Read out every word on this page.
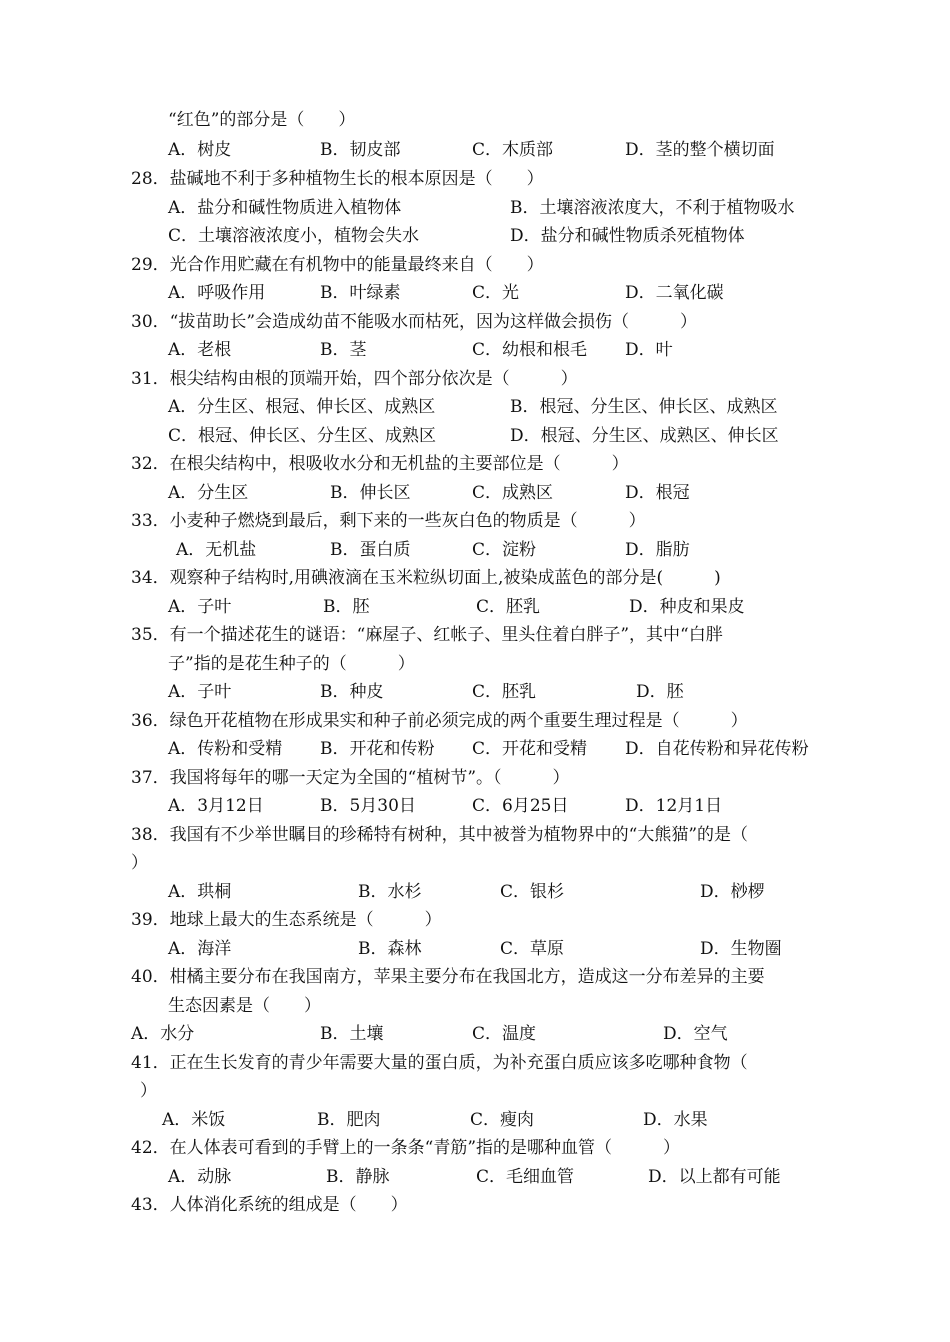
“红色”的部分是（　　）
A．树皮	B．韧皮部	C．木质部	D．茎的整个横切面
28．盐碱地不利于多种植物生长的根本原因是（　　）
A．盐分和碱性物质进入植物体	B．土壤溶液浓度大，不利于植物吸水
C．土壤溶液浓度小，植物会失水	D．盐分和碱性物质杀死植物体
29．光合作用贮藏在有机物中的能量最终来自（　　）
A．呼吸作用	B．叶绿素	C．光	D．二氧化碳
30．“拔苗助长”会造成幼苗不能吸水而枯死，因为这样做会损伤（　　　）
A．老根	B．茎	C．幼根和根毛 D．叶
31．根尖结构由根的顶端开始，四个部分依次是（　　　）
A．分生区、根冠、伸长区、成熟区	B．根冠、分生区、伸长区、成熟区
C．根冠、伸长区、分生区、成熟区	D．根冠、分生区、成熟区、伸长区
32．在根尖结构中，根吸收水分和无机盐的主要部位是（　　　）
A．分生区	B．伸长区	C．成熟区	D．根冠
33．小麦种子燃烧到最后，剩下来的一些灰白色的物质是（　　　）
A．无机盐	B．蛋白质	C．淀粉	D．脂肪
34．观察种子结构时,用碘液滴在玉米粒纵切面上,被染成蓝色的部分是(　　　)
A．子叶	B．胚	C．胚乳	D．种皮和果皮
35．有一个描述花生的谜语：“麻屋子、红帐子、里头住着白胖子”，其中“白胖
子”指的是花生种子的（　　　）
A．子叶	B．种皮	C．胚乳	D．胚
36．绿色开花植物在形成果实和种子前必须完成的两个重要生理过程是（　　　）
A．传粉和受精 B．开花和传粉 C．开花和受精 D．自花传粉和异花传粉
37．我国将每年的哪一天定为全国的“植树节”。（　　　）
A．3月12日	B．5月30日	C．6月25日	D．12月1日
38．我国有不少举世瞩目的珍稀特有树种，其中被誉为植物界中的“大熊猫”的是（
）
A．珙桐	B．水杉	C．银杉	D．桫椤
39．地球上最大的生态系统是（　　　）
A．海洋	B．森林	C．草原	D．生物圈
40．柑橘主要分布在我国南方，苹果主要分布在我国北方，造成这一分布差异的主要
生态因素是（　　）
A．水分	B．土壤	C．温度	D．空气
41．正在生长发育的青少年需要大量的蛋白质，为补充蛋白质应该多吃哪种食物（
）
A．米饭	B．肥肉	C．瘦肉	D．水果
42．在人体表可看到的手臂上的一条条“青筋”指的是哪种血管（　　　）
A．动脉	B．静脉	C．毛细血管	D．以上都有可能
43．人体消化系统的组成是（　　）
